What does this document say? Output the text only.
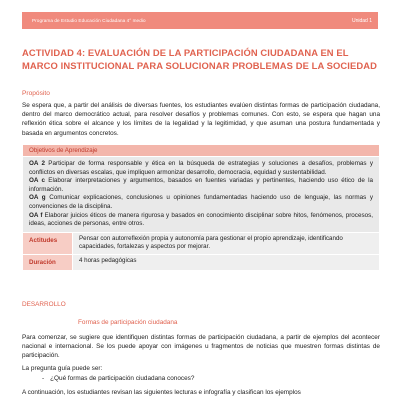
Programa de Estudio Educación Ciudadana 4° medio	Unidad 1
ACTIVIDAD 4: EVALUACIÓN DE LA PARTICIPACIÓN CIUDADANA EN EL MARCO INSTITUCIONAL PARA SOLUCIONAR PROBLEMAS DE LA SOCIEDAD
Propósito
Se espera que, a partir del análisis de diversas fuentes, los estudiantes evalúen distintas formas de participación ciudadana, dentro del marco democrático actual, para resolver desafíos y problemas comunes. Con esto, se espera que hagan una reflexión ética sobre el alcance y los límites de la legalidad y la legitimidad, y que asuman una postura fundamentada y basada en argumentos concretos.
Objetivos de Aprendizaje	

OA 2 Participar de forma responsable y ética en la búsqueda de estrategias y soluciones a desafíos, problemas y conflictos en diversas escalas, que impliquen armonizar desarrollo, democracia, equidad y sustentabilidad.

OA c Elaborar interpretaciones y argumentos, basados en fuentes variadas y pertinentes, haciendo uso ético de la información.

OA g Comunicar explicaciones, conclusiones u opiniones fundamentadas haciendo uso de lenguaje, las normas y convenciones de la disciplina.

OA f Elaborar juicios éticos de manera rigurosa y basados en conocimiento disciplinar sobre hitos, fenómenos, procesos, ideas, acciones de personas, entre otros.	

Actitudes	Pensar con autorreflexión propia y autonomía para gestionar el propio aprendizaje, identificando capacidades, fortalezas y aspectos por mejorar.
Duración	4 horas pedagógicas
DESARROLLO
Formas de participación ciudadana
Para comenzar, se sugiere que identifiquen distintas formas de participación ciudadana, a partir de ejemplos del acontecer nacional e internacional. Se los puede apoyar con imágenes u fragmentos de noticias que muestren formas distintas de participación.
La pregunta guía puede ser:
- ¿Qué formas de participación ciudadana conoces?
A continuación, los estudiantes revisan las siguientes lecturas e infografía y clasifican los ejemplos
